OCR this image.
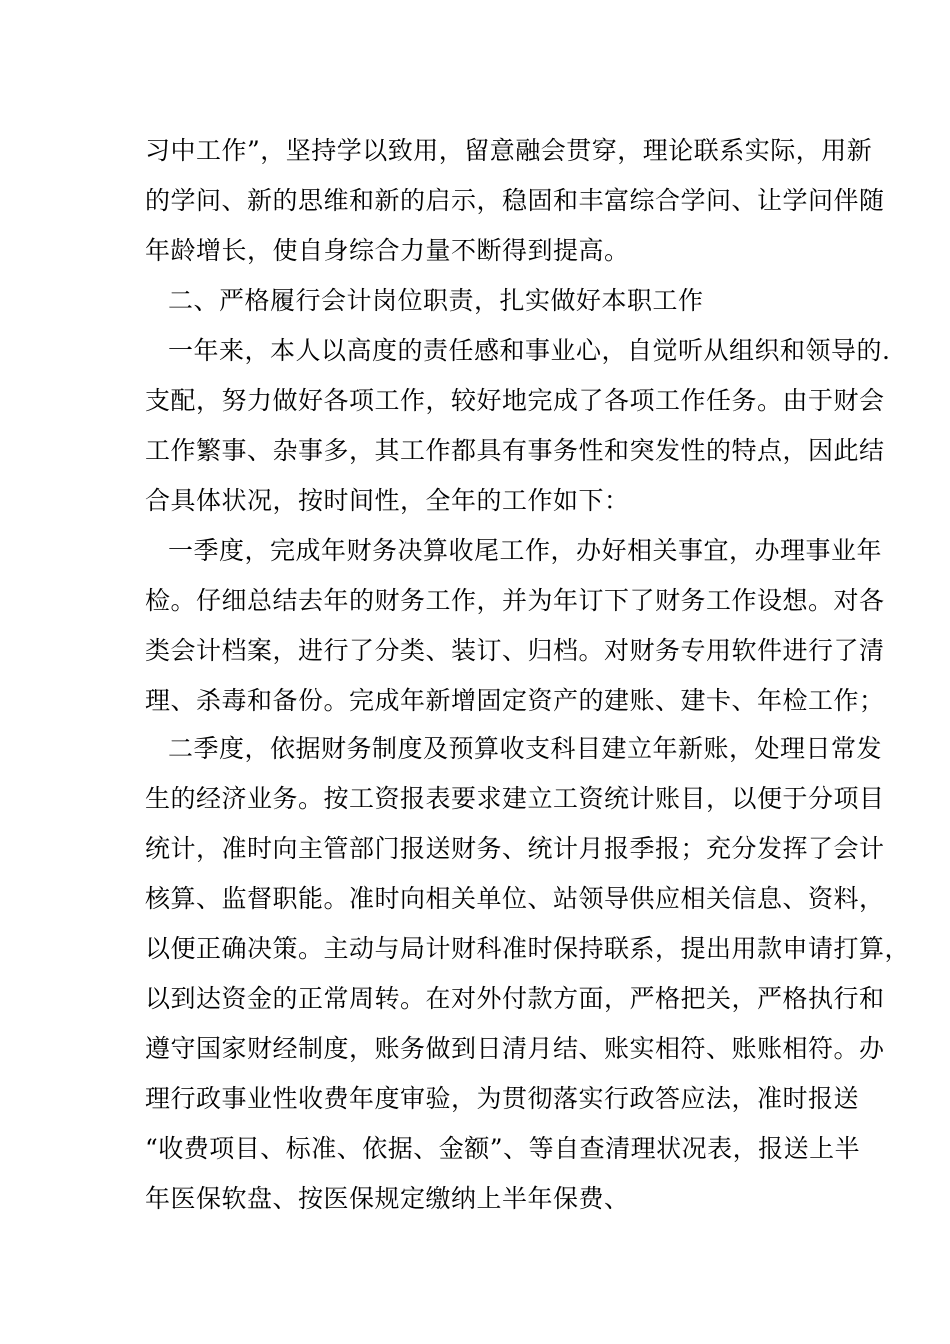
习中工作”，坚持学以致用，留意融会贯穿，理论联系实际，用新
的学问、新的思维和新的启示，稳固和丰富综合学问、让学问伴随
年龄增长，使自身综合力量不断得到提高。
二、严格履行会计岗位职责，扎实做好本职工作
一年来，本人以高度的责任感和事业心，自觉听从组织和领导的.
支配，努力做好各项工作，较好地完成了各项工作任务。由于财会
工作繁事、杂事多，其工作都具有事务性和突发性的特点，因此结
合具体状况，按时间性，全年的工作如下：
一季度，完成年财务决算收尾工作，办好相关事宜，办理事业年
检。仔细总结去年的财务工作，并为年订下了财务工作设想。对各
类会计档案，进行了分类、装订、归档。对财务专用软件进行了清
理、杀毒和备份。完成年新增固定资产的建账、建卡、年检工作；
二季度，依据财务制度及预算收支科目建立年新账，处理日常发
生的经济业务。按工资报表要求建立工资统计账目，以便于分项目
统计，准时向主管部门报送财务、统计月报季报；充分发挥了会计
核算、监督职能。准时向相关单位、站领导供应相关信息、资料，
以便正确决策。主动与局计财科准时保持联系，提出用款申请打算，
以到达资金的正常周转。在对外付款方面，严格把关，严格执行和
遵守国家财经制度，账务做到日清月结、账实相符、账账相符。办
理行政事业性收费年度审验，为贯彻落实行政答应法，准时报送
“收费项目、标准、依据、金额”、等自查清理状况表，报送上半
年医保软盘、按医保规定缴纳上半年保费、
